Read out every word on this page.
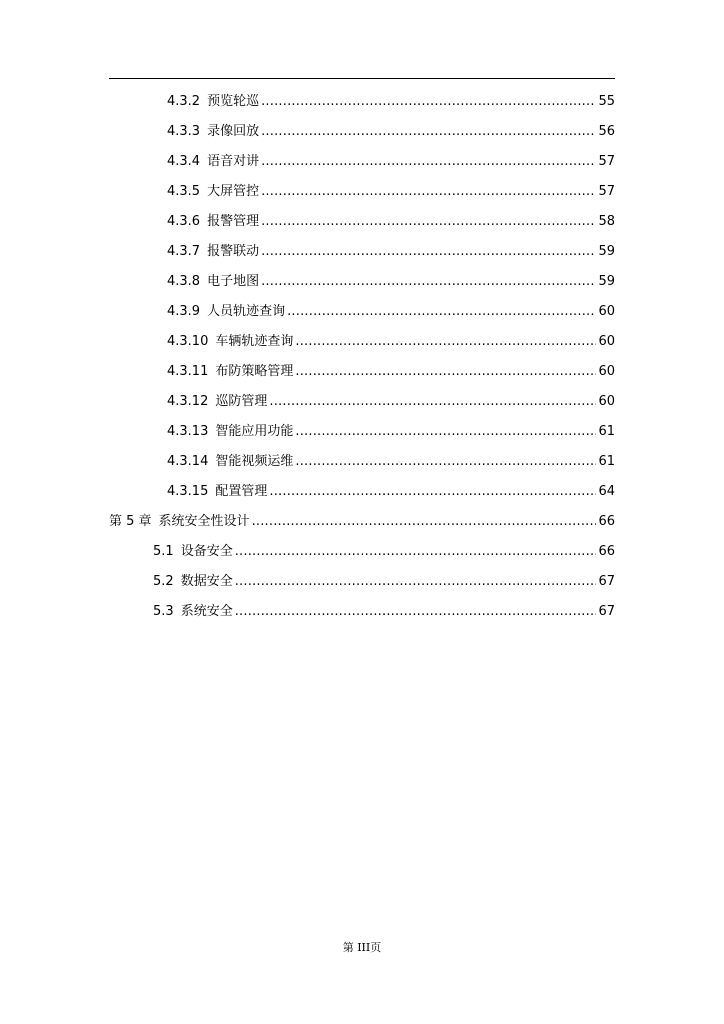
4.3.2 预览轮巡 .....	55
4.3.3 录像回放 .....	56
4.3.4 语音对讲 .....	57
4.3.5 大屏管控 .....	57
4.3.6 报警管理 .....	58
4.3.7 报警联动 .....	59
4.3.8 电子地图 .....	59
4.3.9 人员轨迹查询 .....	60
4.3.10 车辆轨迹查询 .....	60
4.3.11 布防策略管理 .....	60
4.3.12 巡防管理 .....	60
4.3.13 智能应用功能 .....	61
4.3.14 智能视频运维 .....	61
4.3.15 配置管理 .....	64
第 5 章 系统安全性设计 .....	66
5.1 设备安全 .....	66
5.2 数据安全 .....	67
5.3 系统安全 .....	67
第 III页
